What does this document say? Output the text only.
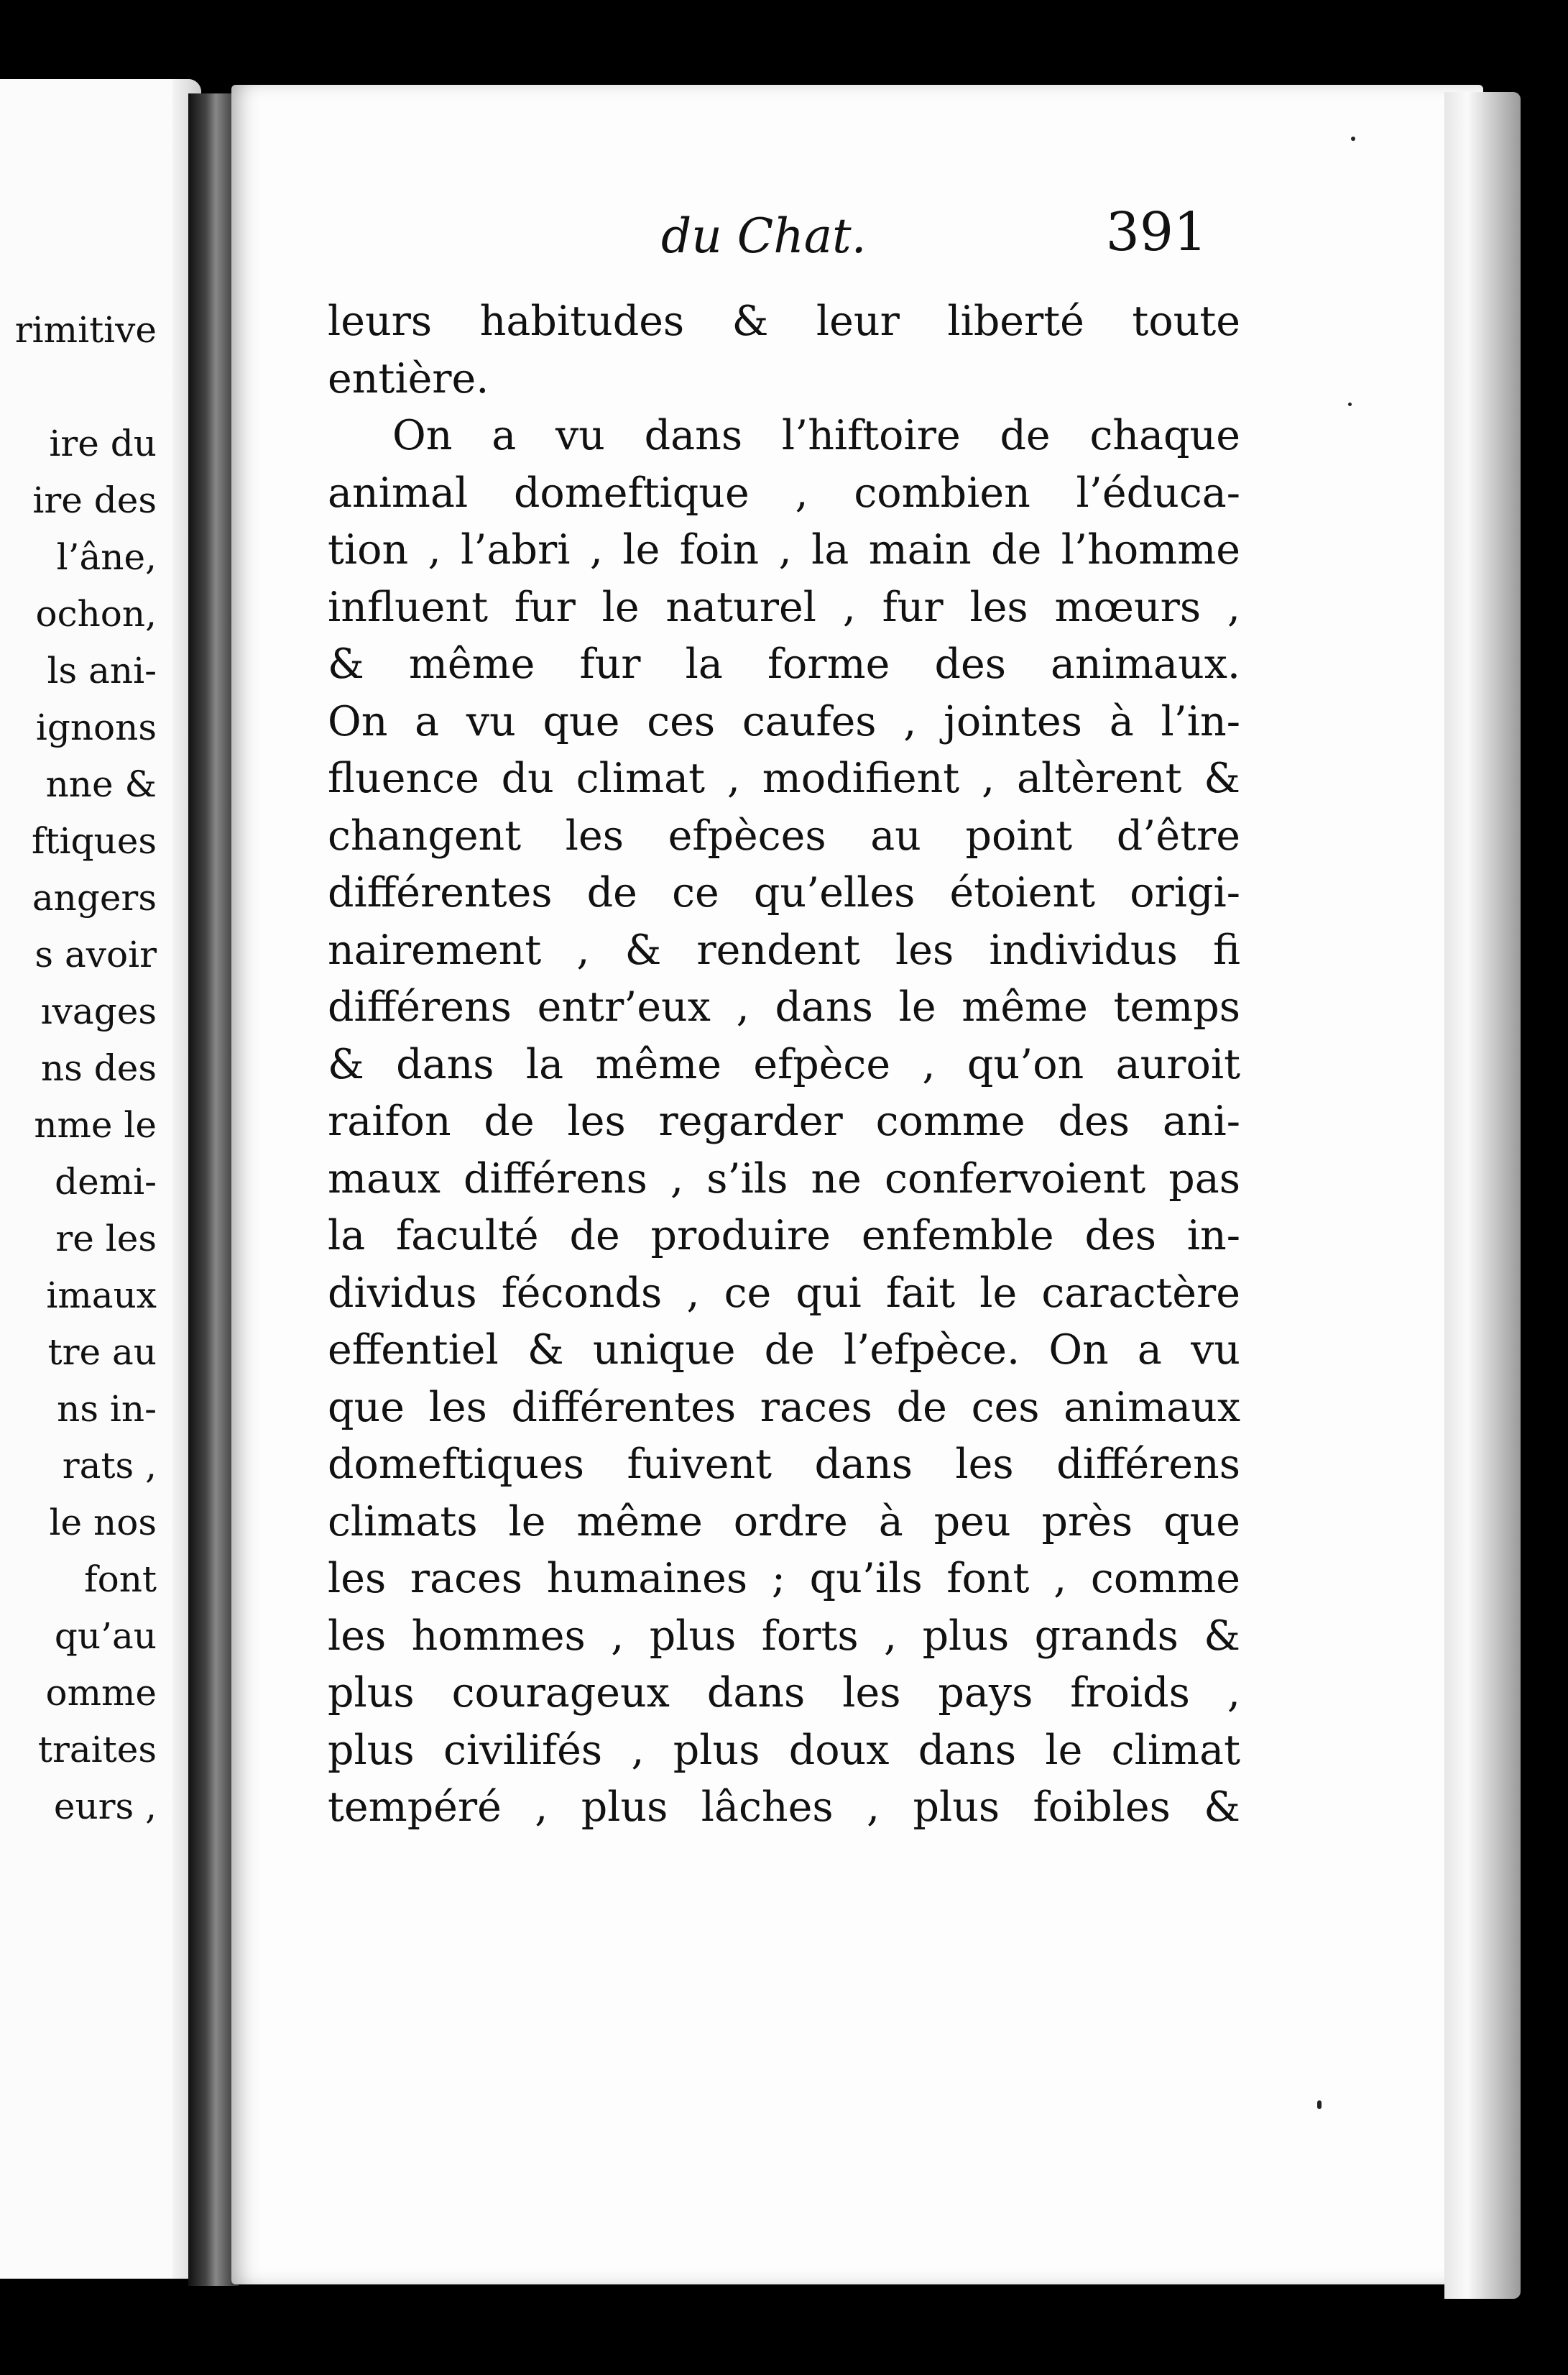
rimitive

ire du
ire des
l’âne,
ochon,
ls ani-
ignons
nne &
ftiques
angers
s avoir
ıvages
ns des
nme le
demi-
re les
imaux
tre au
ns in-
rats ,
le nos
font
qu’au
omme
traites
eurs ,
du Chat.	391
leurs habitudes & leur liberté toute
entière.
On a vu dans l’hiftoire de chaque
animal domeftique , combien l’éduca-
tion , l’abri , le foin , la main de l’homme
influent fur le naturel , fur les mœurs ,
& même fur la forme des animaux.
On a vu que ces caufes , jointes à l’in-
fluence du climat , modifient , altèrent &
changent les efpèces au point d’être
différentes de ce qu’elles étoient origi-
nairement , & rendent les individus fi
différens entr’eux , dans le même temps
& dans la même efpèce , qu’on auroit
raifon de les regarder comme des ani-
maux différens , s’ils ne confervoient pas
la faculté de produire enfemble des in-
dividus féconds , ce qui fait le caractère
effentiel & unique de l’efpèce. On a vu
que les différentes races de ces animaux
domeftiques fuivent dans les différens
climats le même ordre à peu près que
les races humaines ; qu’ils font , comme
les hommes , plus forts , plus grands &
plus courageux dans les pays froids ,
plus civilifés , plus doux dans le climat
tempéré , plus lâches , plus foibles &
